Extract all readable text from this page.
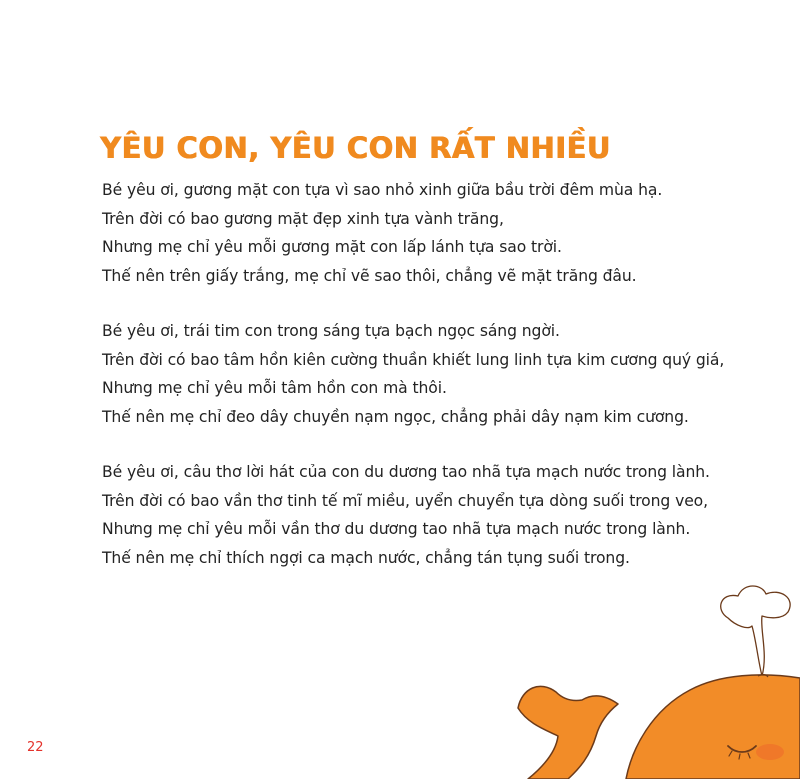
YÊU CON, YÊU CON RẤT NHIỀU
Bé yêu ơi, gương mặt con tựa vì sao nhỏ xinh giữa bầu trời đêm mùa hạ.
Trên đời có bao gương mặt đẹp xinh tựa vành trăng,
Nhưng mẹ chỉ yêu mỗi gương mặt con lấp lánh tựa sao trời.
Thế nên trên giấy trắng, mẹ chỉ vẽ sao thôi, chẳng vẽ mặt trăng đâu.
Bé yêu ơi, trái tim con trong sáng tựa bạch ngọc sáng ngời.
Trên đời có bao tâm hồn kiên cường thuần khiết lung linh tựa kim cương quý giá,
Nhưng mẹ chỉ yêu mỗi tâm hồn con mà thôi.
Thế nên mẹ chỉ đeo dây chuyền nạm ngọc, chẳng phải dây nạm kim cương.
Bé yêu ơi, câu thơ lời hát của con du dương tao nhã tựa mạch nước trong lành.
Trên đời có bao vần thơ tinh tế mĩ miều, uyển chuyển tựa dòng suối trong veo,
Nhưng mẹ chỉ yêu mỗi vần thơ du dương tao nhã tựa mạch nước trong lành.
Thế nên mẹ chỉ thích ngợi ca mạch nước, chẳng tán tụng suối trong.
22
